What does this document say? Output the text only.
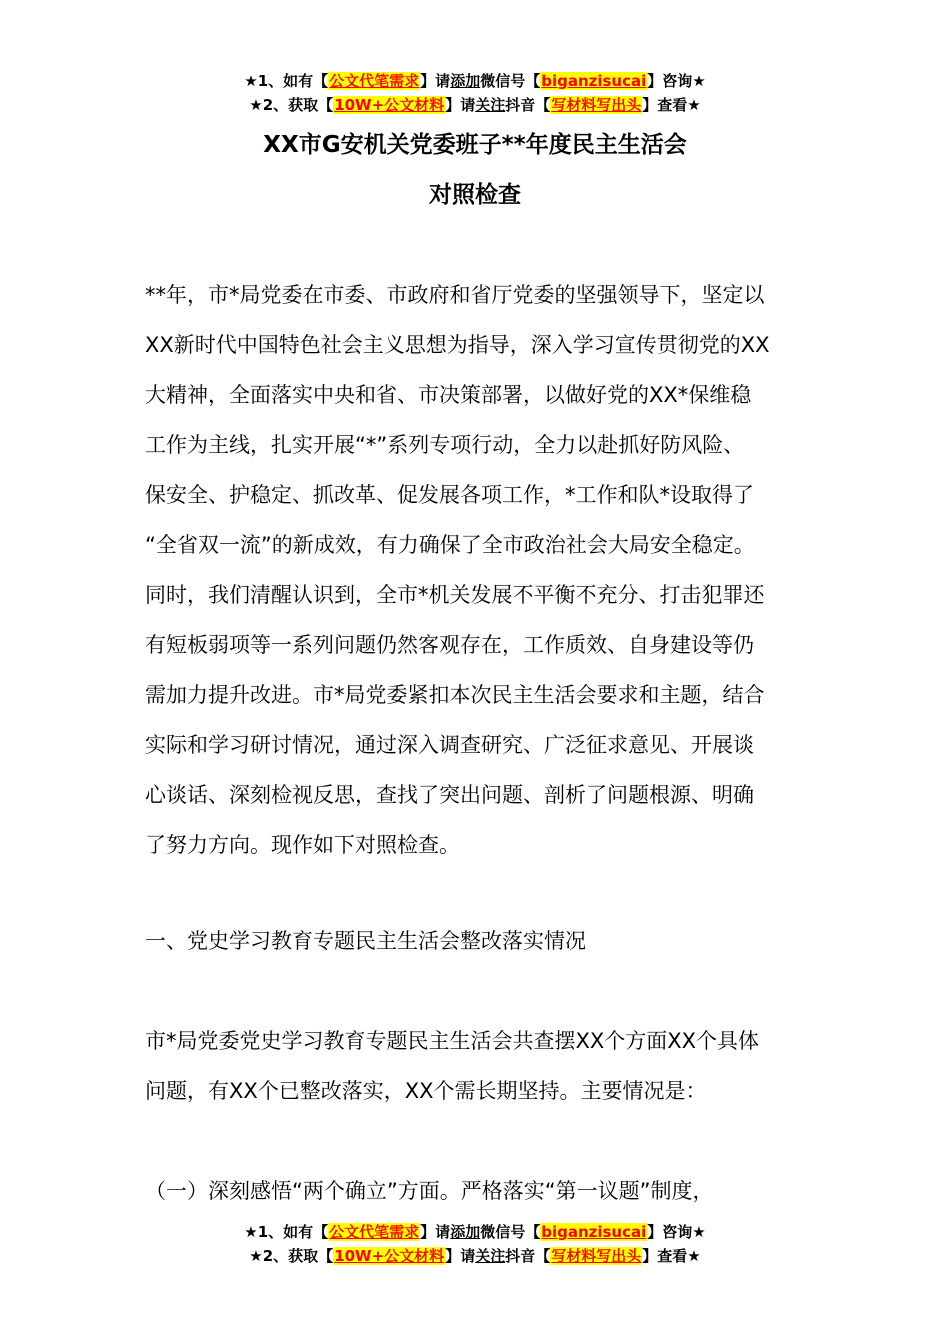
★1、如有【公文代笔需求】请添加微信号【biganzisucai】咨询★
★2、获取【10W+公文材料】请关注抖音【写材料写出头】查看★
XX市G安机关党委班子**年度民主生活会
对照检查
**年，市*局党委在市委、市政府和省厅党委的坚强领导下，坚定以
XX新时代中国特色社会主义思想为指导，深入学习宣传贯彻党的XX
大精神，全面落实中央和省、市决策部署，以做好党的XX*保维稳
工作为主线，扎实开展“*”系列专项行动，全力以赴抓好防风险、
保安全、护稳定、抓改革、促发展各项工作，*工作和队*设取得了
“全省双一流”的新成效，有力确保了全市政治社会大局安全稳定。
同时，我们清醒认识到，全市*机关发展不平衡不充分、打击犯罪还
有短板弱项等一系列问题仍然客观存在，工作质效、自身建设等仍
需加力提升改进。市*局党委紧扣本次民主生活会要求和主题，结合
实际和学习研讨情况，通过深入调查研究、广泛征求意见、开展谈
心谈话、深刻检视反思，查找了突出问题、剖析了问题根源、明确
了努力方向。现作如下对照检查。
一、党史学习教育专题民主生活会整改落实情况
市*局党委党史学习教育专题民主生活会共查摆XX个方面XX个具体
问题，有XX个已整改落实，XX个需长期坚持。主要情况是：
（一）深刻感悟“两个确立”方面。严格落实“第一议题”制度，
★1、如有【公文代笔需求】请添加微信号【biganzisucai】咨询★
★2、获取【10W+公文材料】请关注抖音【写材料写出头】查看★
